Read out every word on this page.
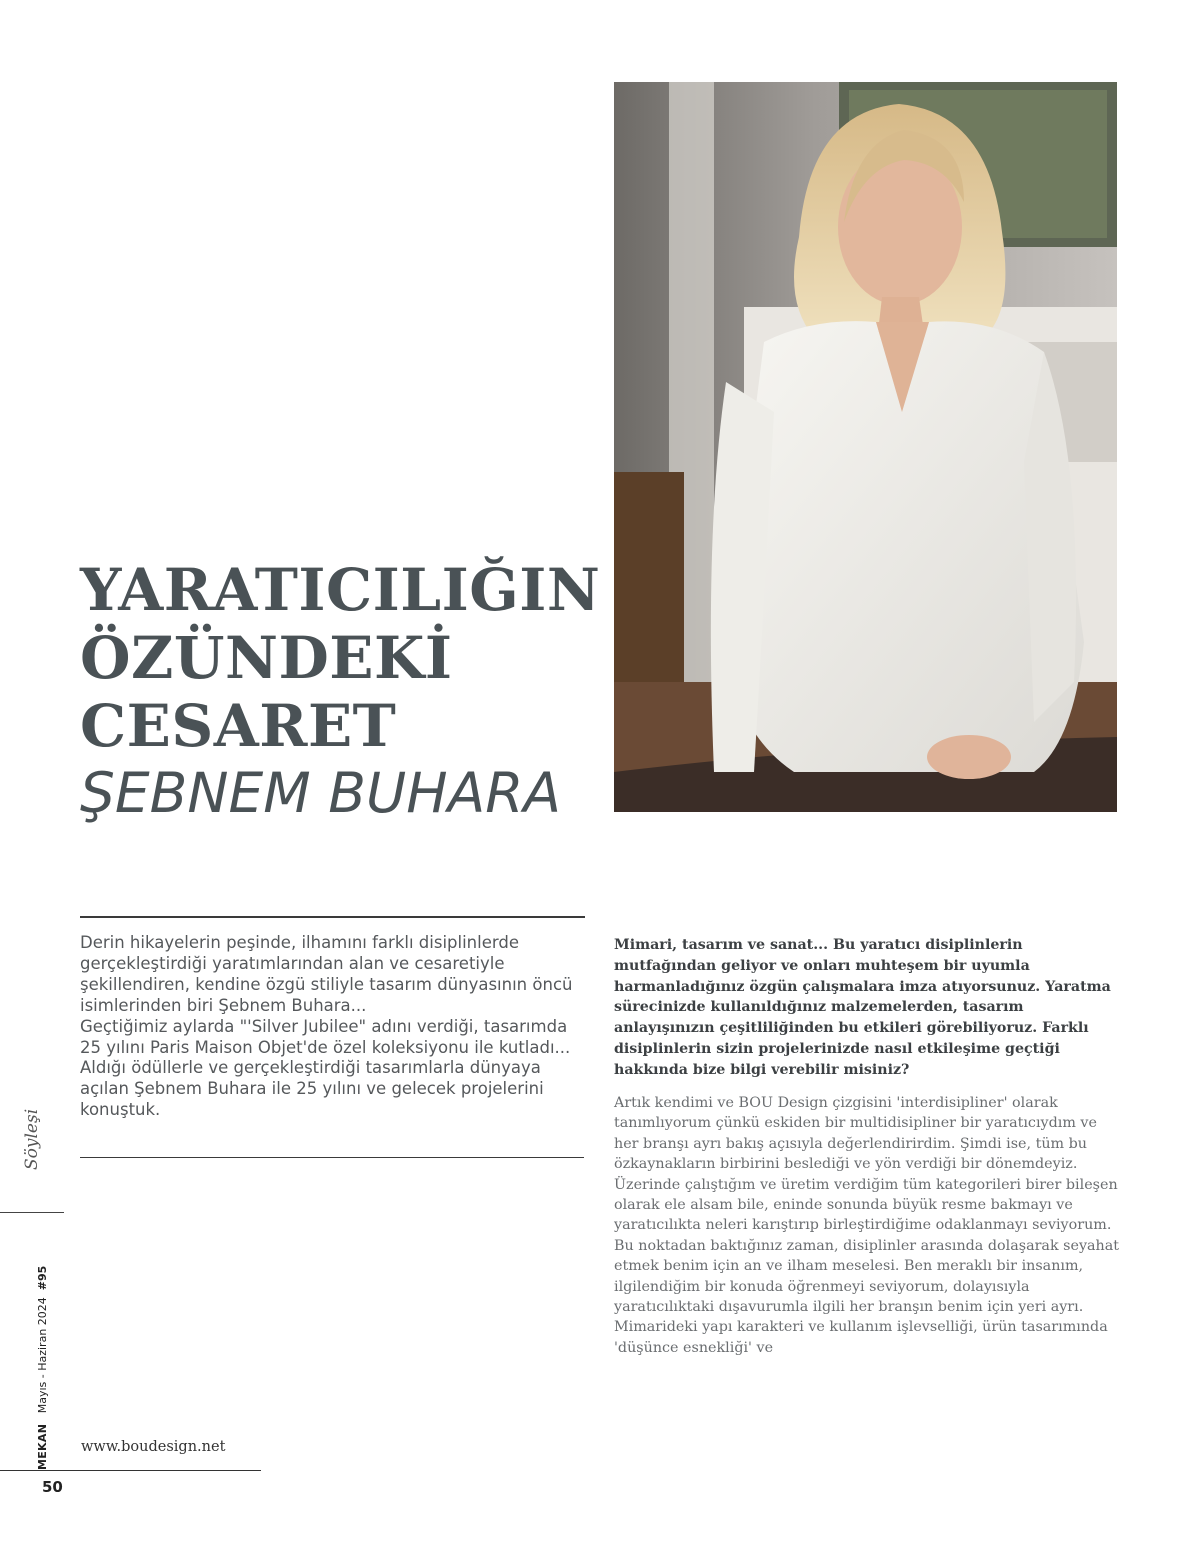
YARATICILIĞIN
ÖZÜNDEKİ
CESARET
ŞEBNEM BUHARA

Derin hikayelerin peşinde, ilhamını farklı disiplinlerde gerçekleştirdiği yaratımlarından alan ve cesaretiyle şekillendiren, kendine özgü stiliyle tasarım dünyasının öncü isimlerinden biri Şebnem Buhara...

Geçtiğimiz aylarda "'Silver Jubilee" adını verdiği, tasarımda 25 yılını Paris Maison Objet'de özel koleksiyonu ile kutladı... Aldığı ödüllerle ve gerçekleştirdiği tasarımlarla dünyaya açılan Şebnem Buhara ile 25 yılını ve gelecek projelerini konuştuk.

Mimari, tasarım ve sanat... Bu yaratıcı disiplinlerin mutfağından geliyor ve onları muhteşem bir uyumla harmanladığınız özgün çalışmalara imza atıyorsunuz. Yaratma sürecinizde kullanıldığınız malzemelerden, tasarım anlayışınızın çeşitliliğinden bu etkileri görebiliyoruz. Farklı disiplinlerin sizin projelerinizde nasıl etkileşime geçtiği hakkında bize bilgi verebilir misiniz?
Artık kendimi ve BOU Design çizgisini 'interdisipliner' olarak tanımlıyorum çünkü eskiden bir multidisipliner bir yaratıcıydım ve her branşı ayrı bakış açısıyla değerlendirirdim. Şimdi ise, tüm bu özkaynakların birbirini beslediği ve yön verdiği bir dönemdeyiz. Üzerinde çalıştığım ve üretim verdiğim tüm kategorileri birer bileşen olarak ele alsam bile, eninde sonunda büyük resme bakmayı ve yaratıcılıkta neleri karıştırıp birleştirdiğime odaklanmayı seviyorum. Bu noktadan baktığınız zaman, disiplinler arasında dolaşarak seyahat etmek benim için an ve ilham meselesi. Ben meraklı bir insanım, ilgilendiğim bir konuda öğrenmeyi seviyorum, dolayısıyla yaratıcılıktaki dışavurumla ilgili her branşın benim için yeri ayrı. Mimarideki yapı karakteri ve kullanım işlevselliği, ürün tasarımında 'düşünce esnekliği' ve
Söyleşi
MEKAN   Mayıs - Haziran 2024  #95
www.boudesign.net
50
